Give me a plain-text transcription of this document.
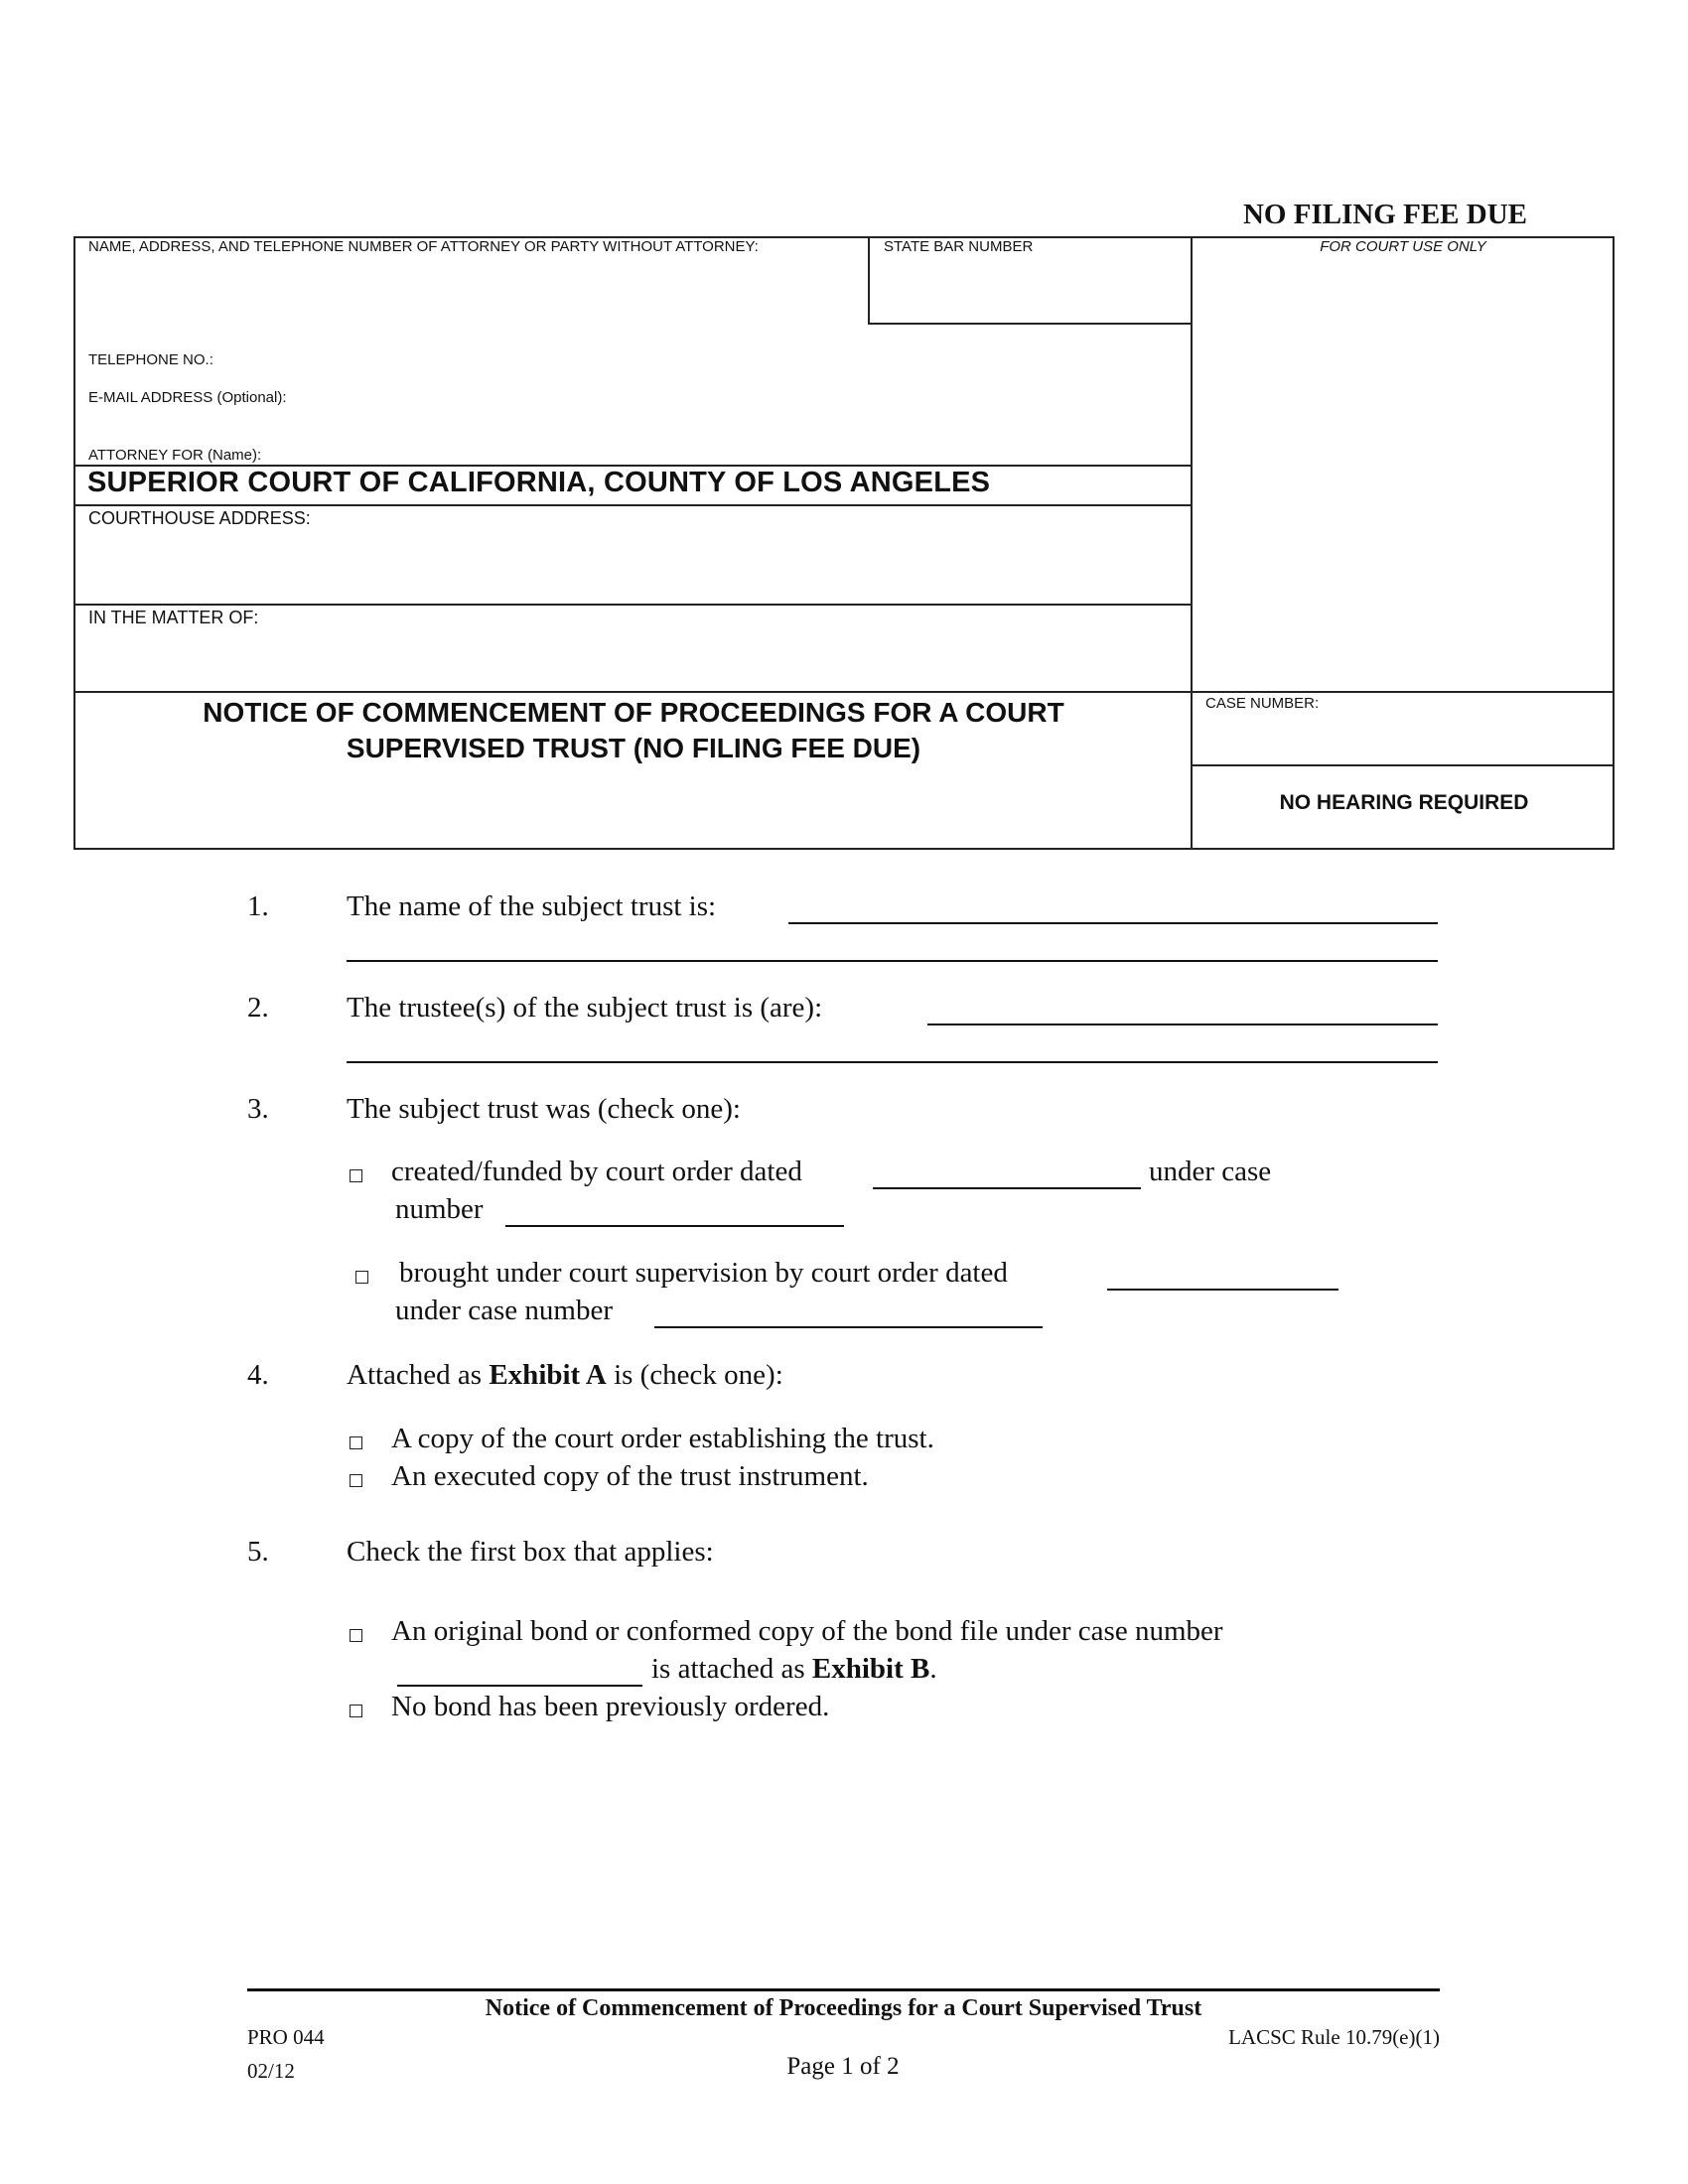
NO FILING FEE DUE
NAME, ADDRESS, AND TELEPHONE NUMBER OF ATTORNEY OR PARTY WITHOUT ATTORNEY:	STATE BAR NUMBER	FOR COURT USE ONLY
TELEPHONE NO.:
E-MAIL ADDRESS (Optional):
ATTORNEY FOR (Name):
SUPERIOR COURT OF CALIFORNIA, COUNTY OF LOS ANGELES
COURTHOUSE ADDRESS:
IN THE MATTER OF:
NOTICE OF COMMENCEMENT OF PROCEEDINGS FOR A COURT
SUPERVISED TRUST (NO FILING FEE DUE)
CASE NUMBER:
NO HEARING REQUIRED
1.	The name of the subject trust is:
2.	The trustee(s) of the subject trust is (are):
3.	The subject trust was (check one):
created/funded by court order dated	under case
number
brought under court supervision by court order dated
under case number
4.	Attached as Exhibit A is (check one):
A copy of the court order establishing the trust.
An executed copy of the trust instrument.
5.	Check the first box that applies:
An original bond or conformed copy of the bond file under case number
is attached as Exhibit B.
No bond has been previously ordered.
Notice of Commencement of Proceedings for a Court Supervised Trust
PRO 044	LACSC Rule 10.79(e)(1)
02/12	Page 1 of 2
